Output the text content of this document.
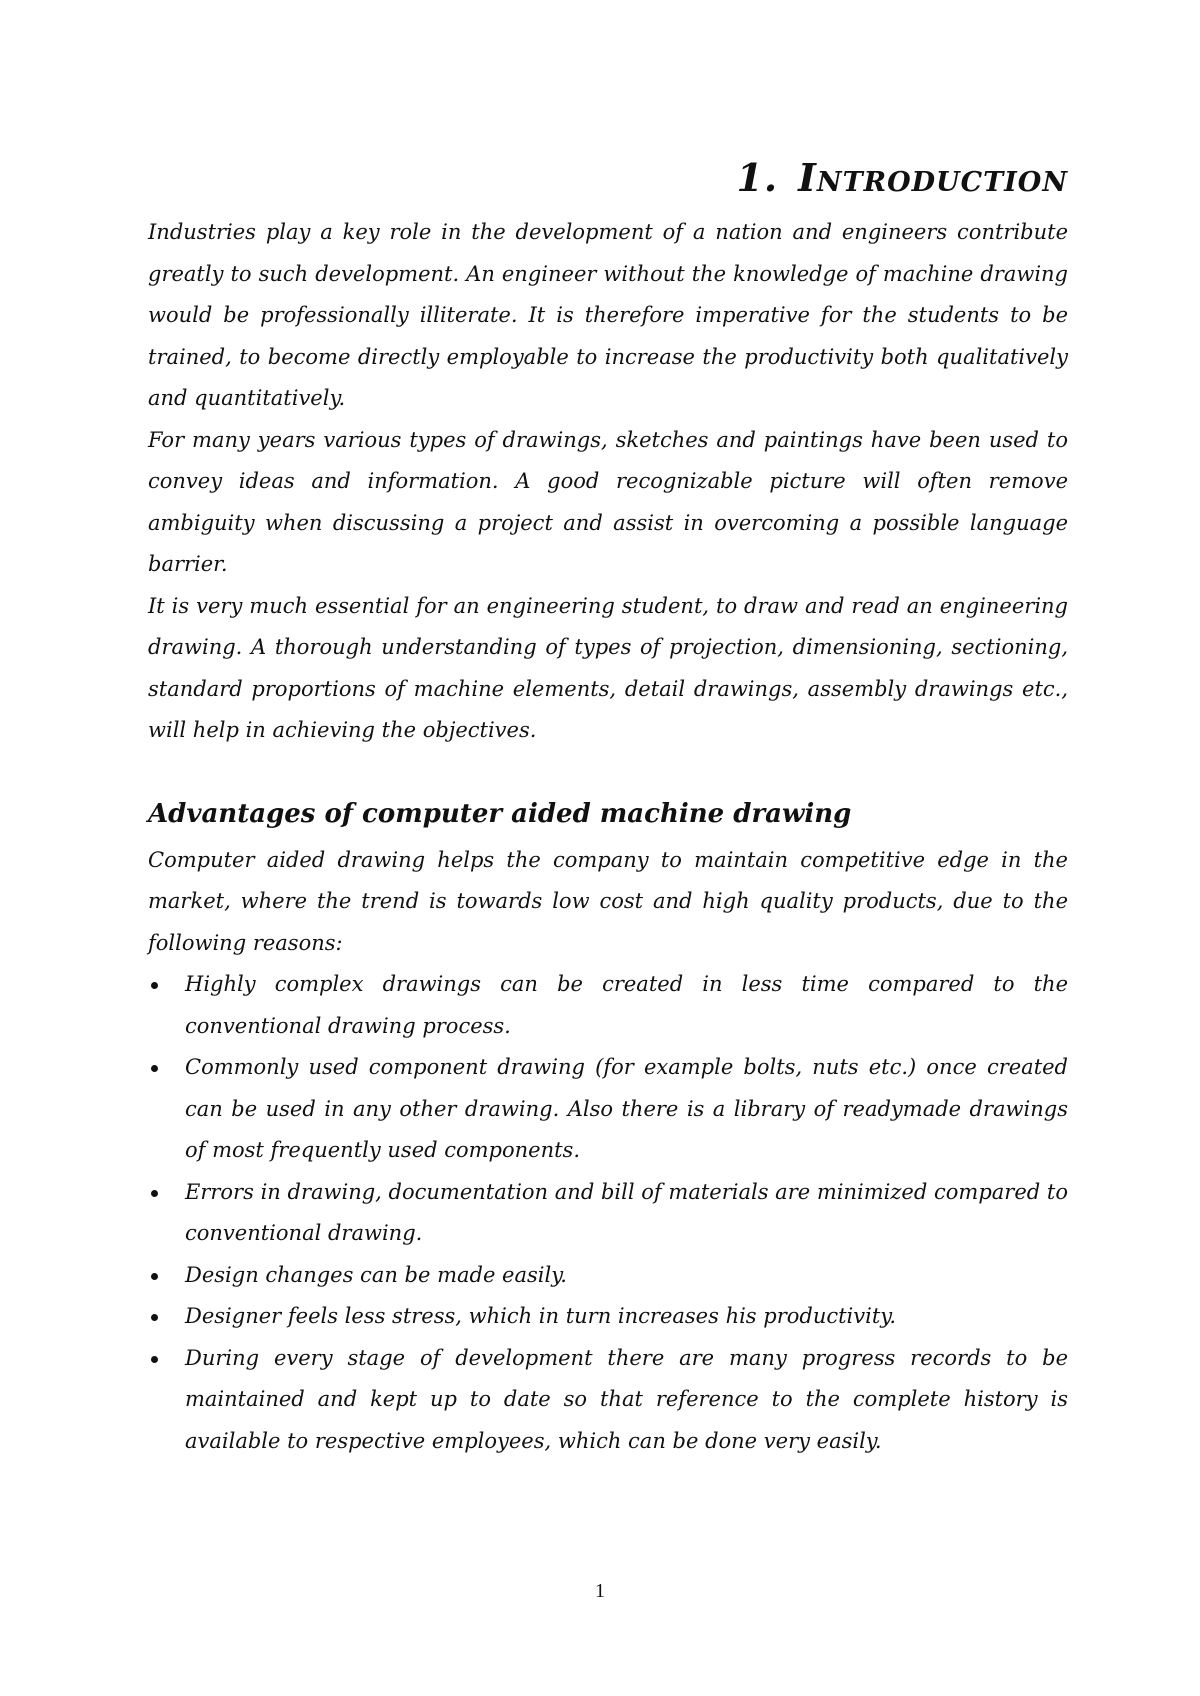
1. Introduction

Industries play a key role in the development of a nation and engineers contribute greatly to such development. An engineer without the knowledge of machine drawing would be professionally illiterate. It is therefore imperative for the students to be trained, to become directly employable to increase the productivity both qualitatively and quantitatively.

For many years various types of drawings, sketches and paintings have been used to convey ideas and information. A good recognizable picture will often remove ambiguity when discussing a project and assist in overcoming a possible language barrier.

It is very much essential for an engineering student, to draw and read an engineering drawing. A thorough understanding of types of projection, dimensioning, sectioning, standard proportions of machine elements, detail drawings, assembly drawings etc., will help in achieving the objectives.

Advantages of computer aided machine drawing

Computer aided drawing helps the company to maintain competitive edge in the market, where the trend is towards low cost and high quality products, due to the following reasons:

Highly complex drawings can be created in less time compared to the conventional drawing process.
Commonly used component drawing (for example bolts, nuts etc.) once created can be used in any other drawing. Also there is a library of readymade drawings of most frequently used components.
Errors in drawing, documentation and bill of materials are minimized compared to conventional drawing.
Design changes can be made easily.
Designer feels less stress, which in turn increases his productivity.
During every stage of development there are many progress records to be maintained and kept up to date so that reference to the complete history is available to respective employees, which can be done very easily.
1
